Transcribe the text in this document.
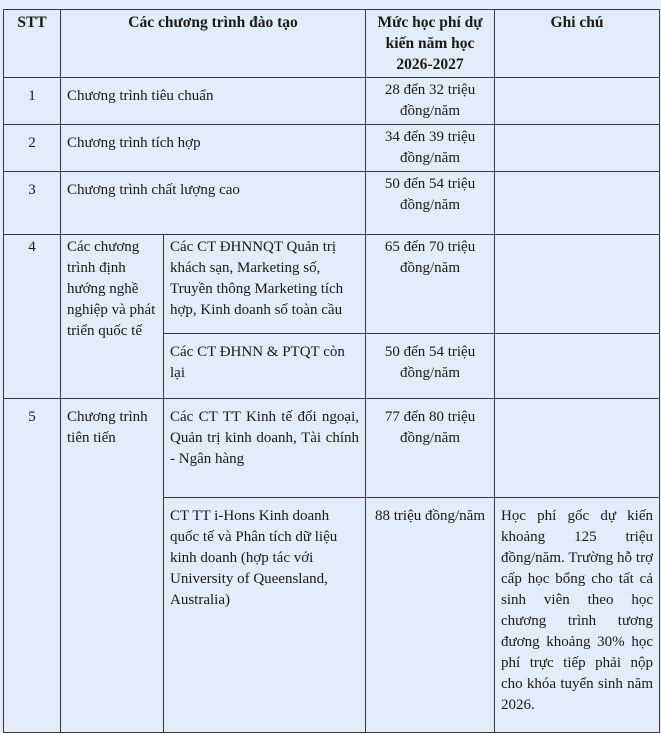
STT	Các chương trình đào tạo		Mức học phí dự kiến năm học 2026-2027	Ghi chú
1	Chương trình tiêu chuẩn		28 đến 32 triệu đồng/năm	
2	Chương trình tích hợp		34 đến 39 triệu đồng/năm	
3	Chương trình chất lượng cao		50 đến 54 triệu đồng/năm	
4	Các chương trình định hướng nghề nghiệp và phát triển quốc tế	Các CT ĐHNNQT Quản trị khách sạn, Marketing số, Truyền thông Marketing tích hợp, Kinh doanh số toàn cầu	65 đến 70 triệu đồng/năm	
		Các CT ĐHNN & PTQT còn lại	50 đến 54 triệu đồng/năm	
5	Chương trình tiên tiến	Các CT TT Kinh tế đối ngoại, Quản trị kinh doanh, Tài chính - Ngân hàng	77 đến 80 triệu đồng/năm	
		CT TT i-Hons Kinh doanh quốc tế và Phân tích dữ liệu kinh doanh (hợp tác với University of Queensland, Australia)	88 triệu đồng/năm	Học phí gốc dự kiến khoảng 125 triệu đồng/năm. Trường hỗ trợ cấp học bổng cho tất cả sinh viên theo học chương trình tương đương khoảng 30% học phí trực tiếp phải nộp cho khóa tuyển sinh năm 2026.
